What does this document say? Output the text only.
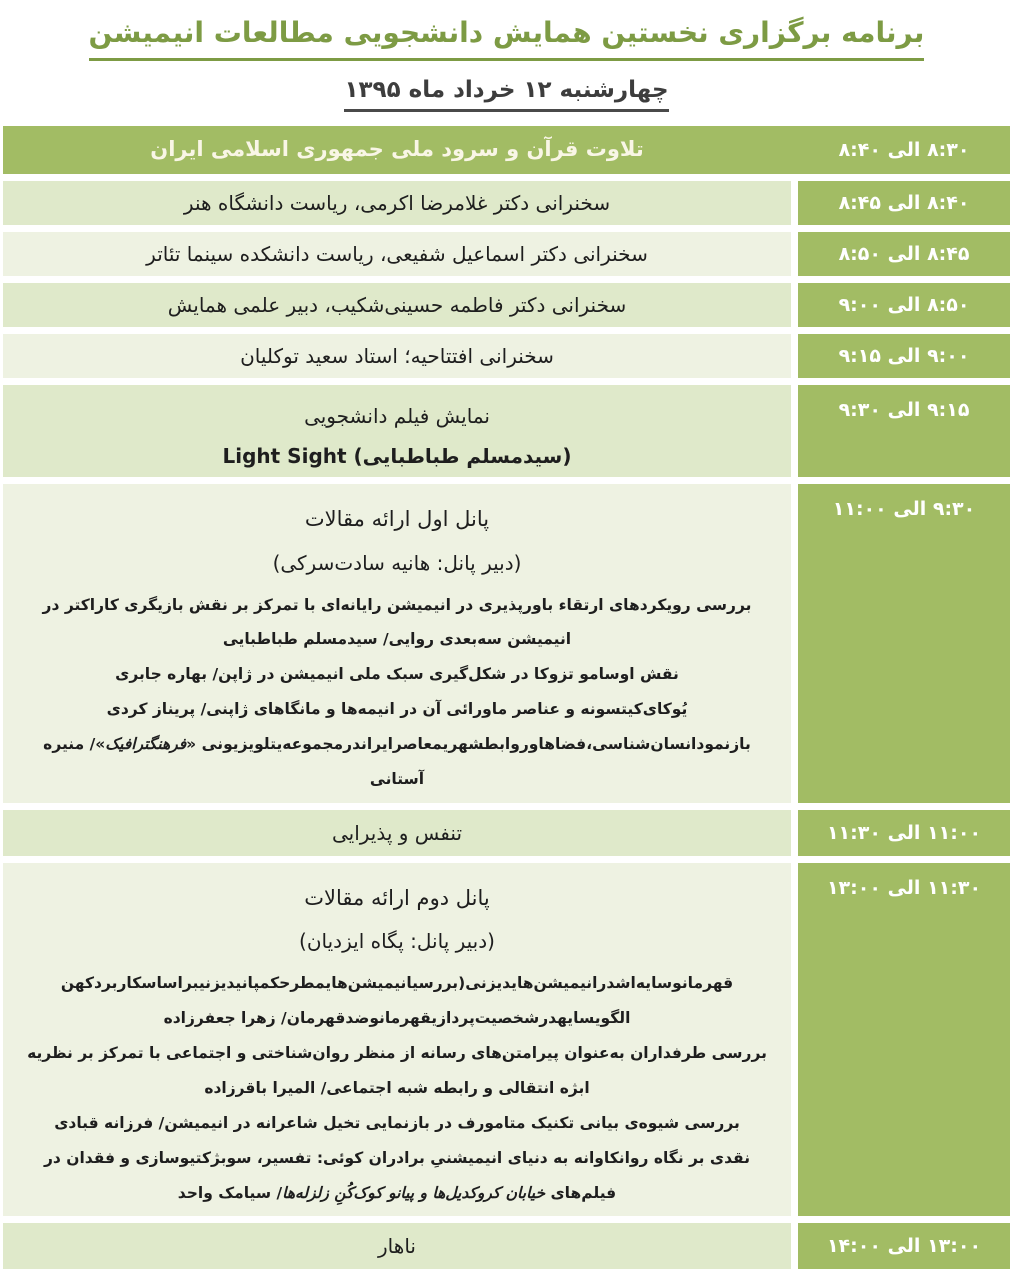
برنامه برگزاری نخستین همایش دانشجویی مطالعات انیمیشن
چهارشنبه ۱۲ خرداد ماه ۱۳۹۵
۸:۳۰ الی ۸:۴۰
تلاوت قرآن و سرود ملی جمهوری اسلامی ایران
۸:۴۰ الی ۸:۴۵
سخنرانی دکتر غلامرضا اکرمی، ریاست دانشگاه هنر
۸:۴۵ الی ۸:۵۰
سخنرانی دکتر اسماعیل شفیعی، ریاست دانشکده سینما تئاتر
۸:۵۰ الی ۹:۰۰
سخنرانی دکتر فاطمه حسینی‌شکیب، دبیر علمی همایش
۹:۰۰ الی ۹:۱۵
سخنرانی افتتاحیه؛ استاد سعید توکلیان
۹:۱۵ الی ۹:۳۰
نمایش فیلم دانشجویی
Light Sight (سیدمسلم طباطبایی)
۹:۳۰ الی ۱۱:۰۰
پانل اول ارائه مقالات
(دبیر پانل: هانیه سادت‌سرکی)
بررسی رویکردهای ارتقاء باورپذیری در انیمیشن رایانه‌ای با تمرکز بر نقش بازیگری کاراکتر در انیمیشن سه‌بعدی روایی/ سیدمسلم طباطبایی
نقش اوسامو تزوکا در شکل‌گیری سبک ملی انیمیشن در ژاپن/ بهاره جابری
یُوکای‌کیتسونه و عناصر ماورائی آن در انیمه‌ها و مانگاهای ژاپنی/ پریناز کردی
بازنمودانسان‌شناسی،فضاهاوروابطشهریمعاصرایراندرمجموعه‌یتلویزیونی «فرهنگترافیک»/ منیره آستانی
۱۱:۰۰ الی ۱۱:۳۰
تنفس و پذیرایی
۱۱:۳۰ الی ۱۳:۰۰
پانل دوم ارائه مقالات
(دبیر پانل: پگاه ایزدیان)
قهرمانوسایه‌اشدرانیمیشن‌هایدیزنی(بررسیانیمیشن‌هایمطرحکمپانیدیزنیبراساسکاربردکهن الگویسایهدرشخصیت‌پردازیقهرمانوضدقهرمان/ زهرا جعفرزاده
بررسی طرفداران به‌عنوان پیرامتن‌های رسانه از منظر روان‌شناختی و اجتماعی با تمرکز بر نظریه ابژه انتقالی و رابطه شبه اجتماعی/ المیرا باقرزاده
بررسی شیوه‌ی بیانی تکنیک متامورف در بازنمایی تخیل شاعرانه در انیمیشن/ فرزانه قبادی
نقدی بر نگاه روانکاوانه به دنیای انیمیشنیِ برادران کوئی: تفسیر، سوبژکتیوسازی و فقدان در فیلم‌های خیابان کروکدیل‌ها و پیانو کوک‌کُنِ زلزله‌ها/ سیامک واحد
۱۳:۰۰ الی ۱۴:۰۰
ناهار
